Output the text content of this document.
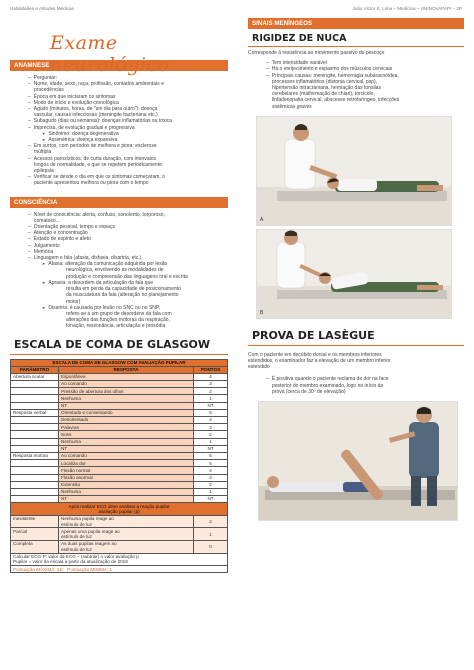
Habilidades e Atitudes Médicas	João Victor S. Lima – Medicina – UNINOVAFAPI – 2P
Exame neurológico
ANAMNESE
– Perguntar:
– Nome, idade, sexo, raça, profissão, contados ambientais e
procedências
– Época em que iniciaram os sintomas
– Modo de início e evolução cronológica
– Agudo (minutos, horas, de "um dia para outro"): doença
vascular, causas infecciosas (meningite bacteriana etc.)
– Subagudo (dias ou semanas): doenças inflamatórias ou tóxica
– Imprecisa, de evolução gradual e progressiva
➤ Sinônimo: doença degenerativa
➤ Assimétrica: doença expansiva
– Em surtos, com períodos de melhora e piora: esclerose
múltipla
– Acessos paroxísticos, de curta duração, com intervalos
longos de normalidade, e que se repetem periodicamente:
epilepsia
– Verificar se desde o dia em que os sintomas começaram, o
paciente apresentou melhora ou piora com o tempo
CONSCIÊNCIA
– Nível de consciência: alerta, confuso, sonolento, torporoso,
comatoso...
– Orientação pessoal, tempo e espaço
– Atenção e concentração
– Estado de espírito e afeto
– Julgamento
– Memória
– Linguagem e fala (afasia, disfasia, disartria, etc.)
➤ Afasia: alteração da comunicação adquirida por lesão
neurológica, envolvendo as modalidades de
produção e compreensão das linguagens oral e escrita
➤ Apraxia: a desordem da articulação da fala que
resulta em perda da capacidade de posicionamento
da musculatura da fala (alteração no planejamento
motor)
➤ Disartria: é causada por lesão no SNC ou no SNP,
refere-se a um grupo de desordens da fala com
alterações das funções motoras da respiração,
fonação, ressonância, articulação e prosódia
ESCALA DE COMA DE GLASGOW
ESCALA DE COMA DE GLASGOW COM AVALIAÇÃO PUPILAR		
PARÂMETRO	RESPOSTA	PONTOS
Abertura ocular	Espontânea	4
	Ao comando	3
	Pressão de abertura dos olhos	2
	Nenhuma	1
	NT	NT
Resposta verbal	Orientado e conversando	5
	Desorientado	4
	Palavras	3
	Sons	2
	Nenhuma	1
	NT	NT
Resposta motora	Ao comando	6
	Localiza dor	5
	Flexão normal	4
	Flexão anormal	3
	Extensão	2
	Nenhuma	1
	NT	NT

Após realizar ECG deve analisar a reação pupilar
avaliação pupilar (p)		

Inexistente	Nenhuma pupila reage ao
estímulo de luz	2
Parcial	Apenas uma pupila reage ao
estímulo de luz	1
Completa	As duas pupilas reagem ao
estímulo de luz	0

Calcular ECG-P: valor da ECG – (subtrair) o valor avaliação p
Pupilar = valor da escala à partir da atualização de 2018		

Pontuação MÁXIMA: 15; Pontuação MÍNIMA: 1		
SINAIS MENÍNGEOS
RIGIDEZ DE NUCA
Corresponde à resistência ao movimento passivo do pescoço
– Tem intensidade variável
– Há o enrijecimento e espasmo dos músculos cervicais
– Principais causas: meningite, hemorragia subaracnóidea,
processos inflamatórios (distonia cervical, psp),
hipertensão intracraniana, herniação das tonsilas
cerebelares (malformação de chiari), torcicolo,
linfadenopatia cervical, abscesso retrofaríngeo, infecções
sistêmicas graves
A
B
PROVA DE LASÈGUE
Com o paciente em decúbito dorsal e os membros inferiores
estendidos, o examinador faz a elevação de um membro inferior
estendido
– É positiva quando o paciente reclama de dor na face
posterior do membro examinado, logo no início da
prova (cerca de 30º de elevação)
